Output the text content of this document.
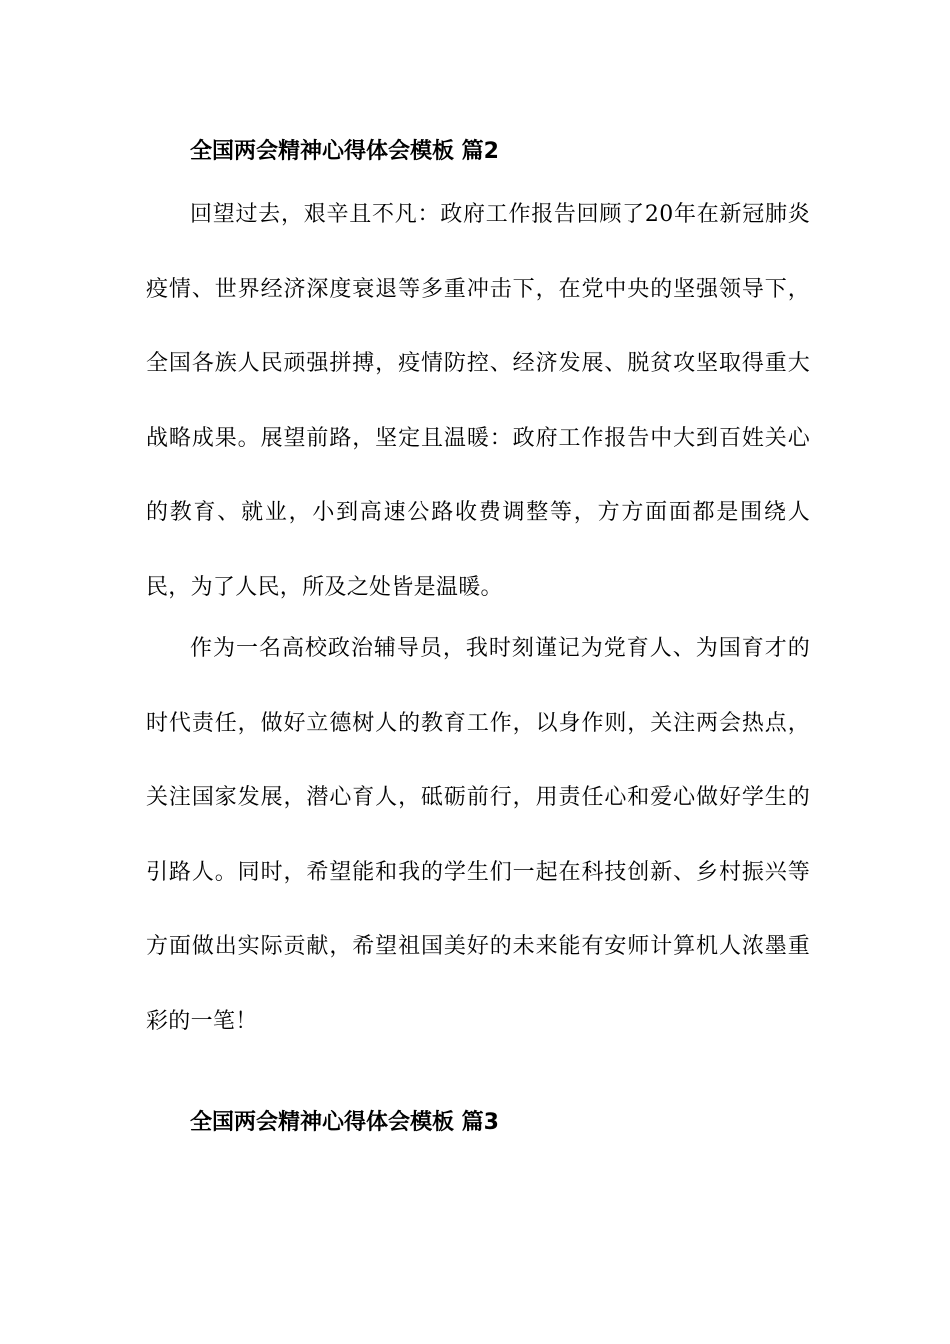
全国两会精神心得体会模板 篇2

回望过去，艰辛且不凡：政府工作报告回顾了20年在新冠肺炎疫情、世界经济深度衰退等多重冲击下，在党中央的坚强领导下，全国各族人民顽强拼搏，疫情防控、经济发展、脱贫攻坚取得重大战略成果。展望前路，坚定且温暖：政府工作报告中大到百姓关心的教育、就业，小到高速公路收费调整等，方方面面都是围绕人民，为了人民，所及之处皆是温暖。

作为一名高校政治辅导员，我时刻谨记为党育人、为国育才的时代责任，做好立德树人的教育工作，以身作则，关注两会热点，关注国家发展，潜心育人，砥砺前行，用责任心和爱心做好学生的引路人。同时，希望能和我的学生们一起在科技创新、乡村振兴等方面做出实际贡献，希望祖国美好的未来能有安师计算机人浓墨重彩的一笔！

全国两会精神心得体会模板 篇3
